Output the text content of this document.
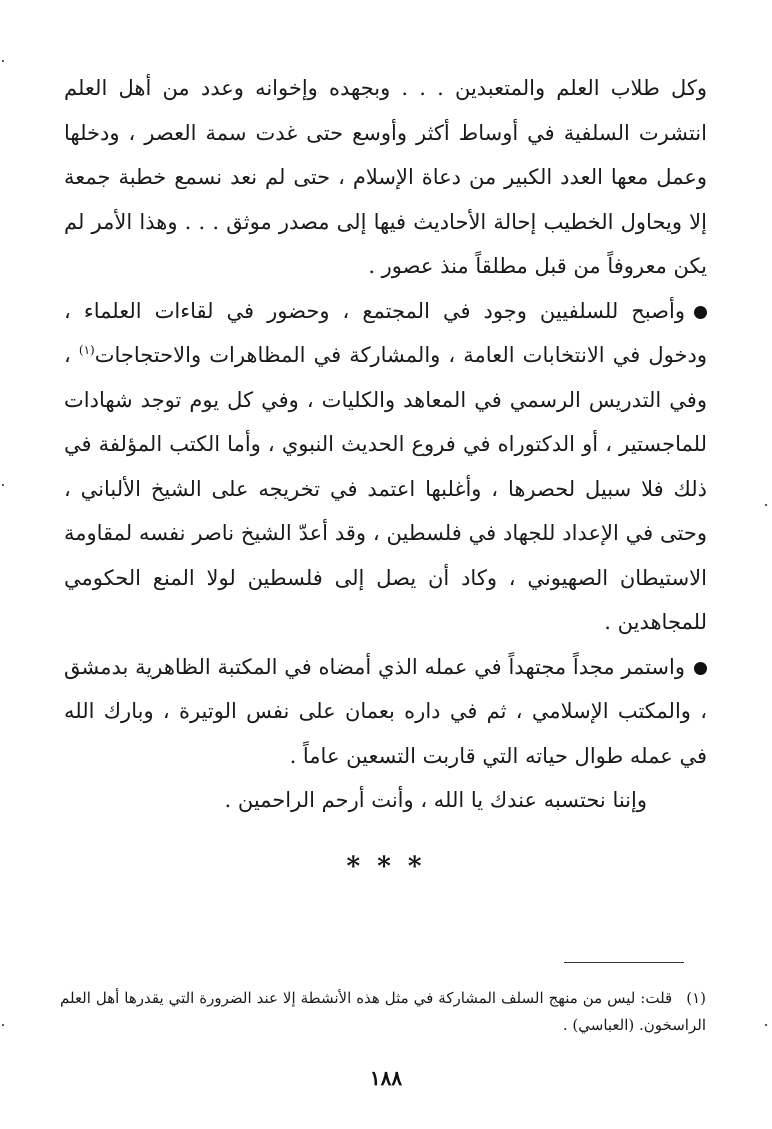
وكل طلاب العلم والمتعبدين . . . وبجهده وإخوانه وعدد من أهل العلم انتشرت السلفية في أوساط أكثر وأوسع حتى غدت سمة العصر ، ودخلها وعمل معها العدد الكبير من دعاة الإسلام ، حتى لم نعد نسمع خطبة جمعة إلا ويحاول الخطيب إحالة الأحاديث فيها إلى مصدر موثق . . . وهذا الأمر لم يكن معروفاً من قبل مطلقاً منذ عصور .

وأصبح للسلفيين وجود في المجتمع ، وحضور في لقاءات العلماء ، ودخول في الانتخابات العامة ، والمشاركة في المظاهرات والاحتجاجات$^{(١)}$ ، وفي التدريس الرسمي في المعاهد والكليات ، وفي كل يوم توجد شهادات للماجستير ، أو الدكتوراه في فروع الحديث النبوي ، وأما الكتب المؤلفة في ذلك فلا سبيل لحصرها ، وأغلبها اعتمد في تخريجه على الشيخ الألباني ، وحتى في الإعداد للجهاد في فلسطين ، وقد أعدّ الشيخ ناصر نفسه لمقاومة الاستيطان الصهيوني ، وكاد أن يصل إلى فلسطين لولا المنع الحكومي للمجاهدين .

واستمر مجداً مجتهداً في عمله الذي أمضاه في المكتبة الظاهرية بدمشق ، والمكتب الإسلامي ، ثم في داره بعمان على نفس الوتيرة ، وبارك الله في عمله طوال حياته التي قاربت التسعين عاماً .

وإننا نحتسبه عندك يا الله ، وأنت أرحم الراحمين .

* * *
(١)قلت: ليس من منهج السلف المشاركة في مثل هذه الأنشطة إلا عند الضرورة التي يقدرها أهل العلم الراسخون. (العباسي) .
١٨٨
